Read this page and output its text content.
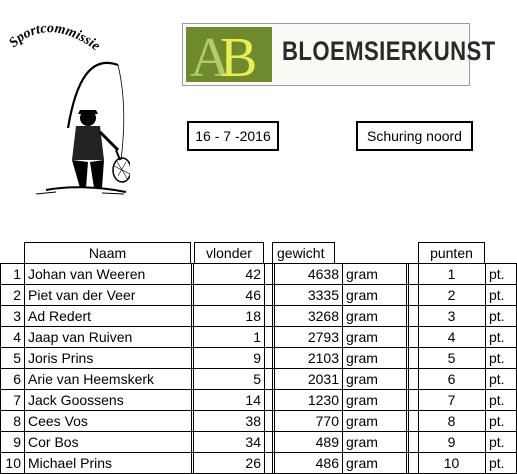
Sportcommissie A
B BLOEMSIERKUNST
16 - 7 -2016	Schuring noord
Naam	vlonder	gewicht	punten
1 Johan van Weeren	42	4638 gram	1	pt.
2 Piet van der Veer	46	3335 gram	2	pt.
3 Ad Redert	18	3268 gram	3	pt.
4 Jaap van Ruiven	1	2793 gram	4	pt.
5 Joris Prins	9	2103 gram	5	pt.
6 Arie van Heemskerk	5	2031 gram	6	pt.
7 Jack Goossens	14	1230 gram	7	pt.
8 Cees Vos	38	770 gram	8	pt.
9 Cor Bos	34	489 gram	9	pt.
10 Michael Prins	26	486 gram	10	pt.
